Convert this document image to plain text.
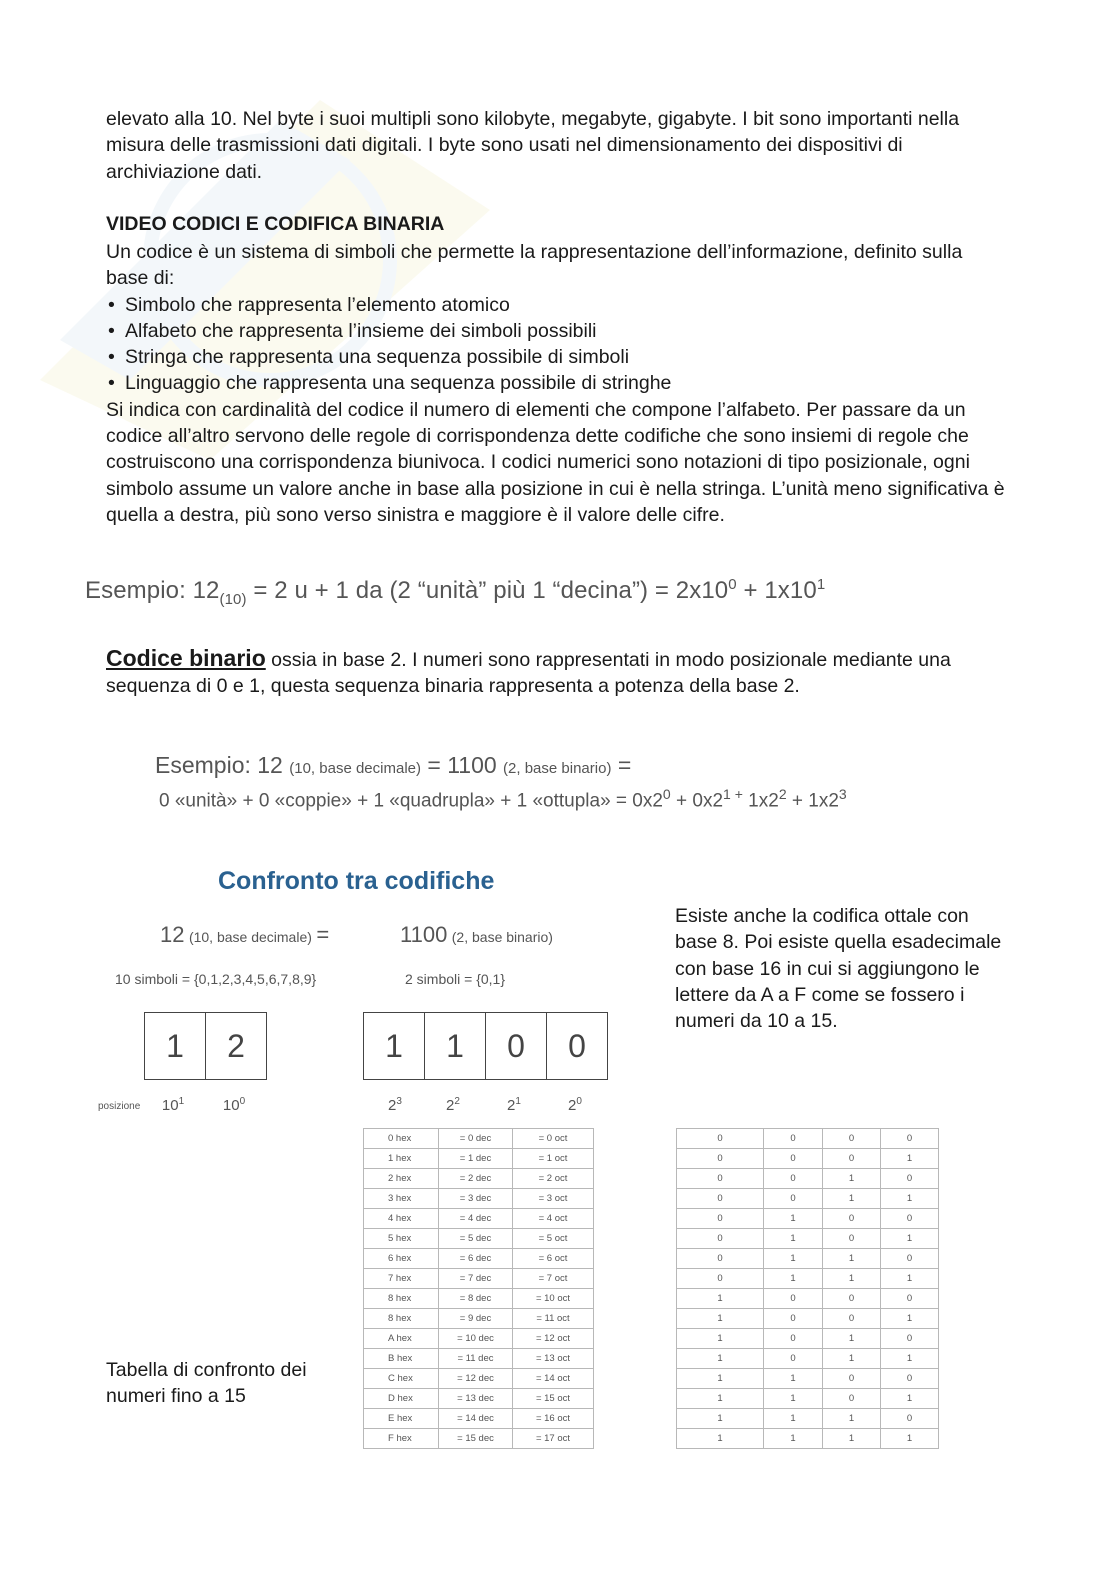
elevato alla 10. Nel byte i suoi multipli sono kilobyte, megabyte, gigabyte. I bit sono importanti nella misura delle trasmissioni dati digitali. I byte sono usati nel dimensionamento dei dispositivi di archiviazione dati.

VIDEO CODICI E CODIFICA BINARIA
Un codice è un sistema di simboli che permette la rappresentazione dell’informazione, definito sulla base di:
• Simbolo che rappresenta l’elemento atomico
• Alfabeto che rappresenta l’insieme dei simboli possibili
• Stringa che rappresenta una sequenza possibile di simboli
• Linguaggio che rappresenta una sequenza possibile di stringhe
Si indica con cardinalità del codice il numero di elementi che compone l’alfabeto. Per passare da un codice all’altro servono delle regole di corrispondenza dette codifiche che sono insiemi di regole che costruiscono una corrispondenza biunivoca. I codici numerici sono notazioni di tipo posizionale, ogni simbolo assume un valore anche in base alla posizione in cui è nella stringa. L’unità meno significativa è quella a destra, più sono verso sinistra e maggiore è il valore delle cifre.
Esempio: $12_{(10)} = 2$ u + 1 da (2 “unità” più 1 “decina”) = $2x10^0 + 1x10^1$

Codice binario ossia in base 2. I numeri sono rappresentati in modo posizionale mediante una sequenza di 0 e 1, questa sequenza binaria rappresenta a potenza della base 2.

Esempio: 12 (10, base decimale) = 1100 (2, base binario) =
0 «unità» + 0 «coppie» + 1 «quadrupla» + 1 «ottupla» = $0x2^0 + 0x2^1$ + $1x2^2 + 1x2^3$
Confronto tra codifiche
12 (10, base decimale) =	1100 (2, base binario)
10 simboli = {0,1,2,3,4,5,6,7,8,9}	2 simboli = {0,1}
1	2	1	1	0	0
posizione	$10^1$	$10^0$	$2^3$	$2^2$	$2^1$	$2^0$

Esiste anche la codifica ottale con base 8. Poi esiste quella esadecimale con base 16 in cui si aggiungono le lettere da A a F come se fossero i numeri da 10 a 15.

Tabella di confronto dei numeri fino a 15

0 hex	= 0 dec	= 0 oct
1 hex	= 1 dec	= 1 oct
2 hex	= 2 dec	= 2 oct
3 hex	= 3 dec	= 3 oct
4 hex	= 4 dec	= 4 oct
5 hex	= 5 dec	= 5 oct
6 hex	= 6 dec	= 6 oct
7 hex	= 7 dec	= 7 oct
8 hex	= 8 dec	= 10 oct
8 hex	= 9 dec	= 11 oct
A hex	= 10 dec	= 12 oct
B hex	= 11 dec	= 13 oct
C hex	= 12 dec	= 14 oct
D hex	= 13 dec	= 15 oct
E hex	= 14 dec	= 16 oct
F hex	= 15 dec	= 17 oct
0	0	0	0
0	0	0	1
0	0	1	0
0	0	1	1
0	1	0	0
0	1	0	1
0	1	1	0
0	1	1	1
1	0	0	0
1	0	0	1
1	0	1	0
1	0	1	1
1	1	0	0
1	1	0	1
1	1	1	0
1	1	1	1
